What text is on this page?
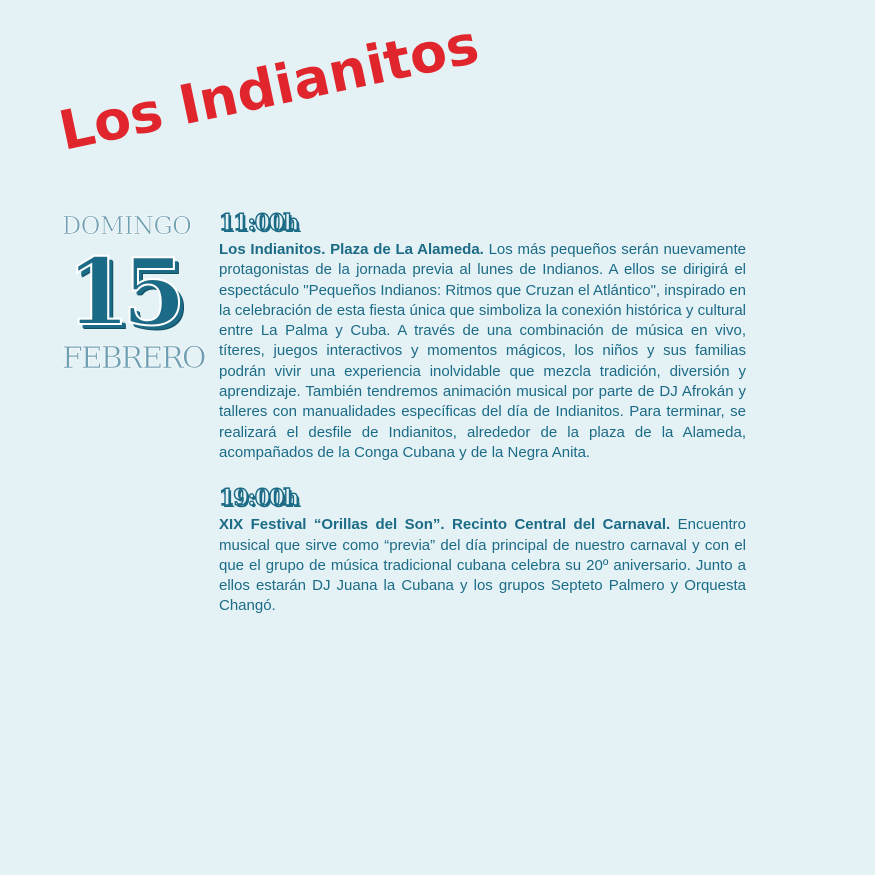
Los Indianitos
DOMINGO
15
FEBRERO
11:00h

Los Indianitos. Plaza de La Alameda. Los más pequeños serán nuevamente protagonistas de la jornada previa al lunes de Indianos. A ellos se dirigirá el espectáculo "Pequeños Indianos: Ritmos que Cruzan el Atlántico", inspirado en la celebración de esta fiesta única que simboliza la conexión histórica y cultural entre La Palma y Cuba. A través de una combinación de música en vivo, títeres, juegos interactivos y momentos mágicos, los niños y sus familias podrán vivir una experiencia inolvidable que mezcla tradición, diversión y aprendizaje. También tendremos animación musical por parte de DJ Afrokán y talleres con manualidades específicas del día de Indianitos. Para terminar, se realizará el desfile de Indianitos, alrededor de la plaza de la Alameda, acompañados de la Conga Cubana y de la Negra Anita.

19:00h

XIX Festival “Orillas del Son”. Recinto Central del Carnaval. Encuentro musical que sirve como “previa” del día principal de nuestro carnaval y con el que el grupo de música tradicional cubana celebra su 20º aniversario. Junto a ellos estarán DJ Juana la Cubana y los grupos Septeto Palmero y Orquesta Changó.
